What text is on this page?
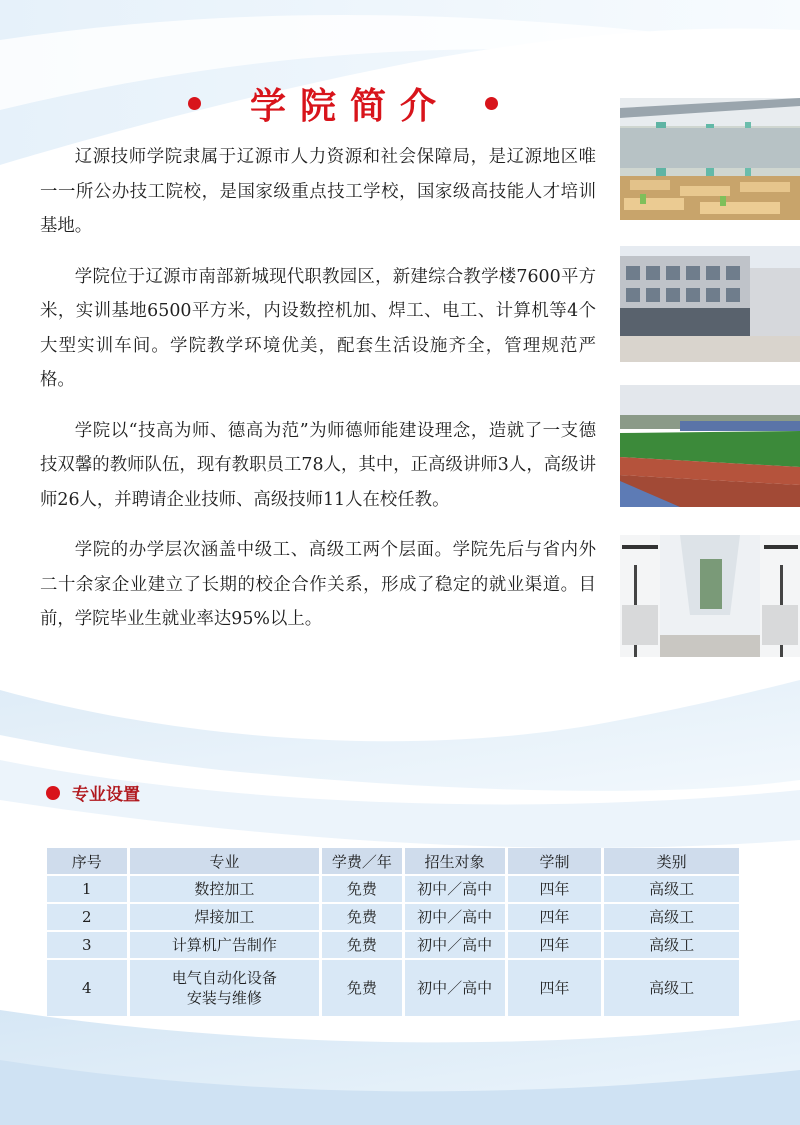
学院简介

辽源技师学院隶属于辽源市人力资源和社会保障局，是辽源地区唯一一所公办技工院校，是国家级重点技工学校，国家级高技能人才培训基地。

学院位于辽源市南部新城现代职教园区，新建综合教学楼7600平方米，实训基地6500平方米，内设数控机加、焊工、电工、计算机等4个大型实训车间。学院教学环境优美，配套生活设施齐全，管理规范严格。

学院以“技高为师、德高为范”为师德师能建设理念，造就了一支德技双馨的教师队伍，现有教职员工78人，其中，正高级讲师3人，高级讲师26人，并聘请企业技师、高级技师11人在校任教。

学院的办学层次涵盖中级工、高级工两个层面。学院先后与省内外二十余家企业建立了长期的校企合作关系，形成了稳定的就业渠道。目前，学院毕业生就业率达95%以上。

专业设置
序号	专业	学费／年	招生对象	学制	类别
1	数控加工	免费	初中／高中	四年	高级工
2	焊接加工	免费	初中／高中	四年	高级工
3	计算机广告制作	免费	初中／高中	四年	高级工
4	电气自动化设备
安装与维修	免费	初中／高中	四年	高级工
